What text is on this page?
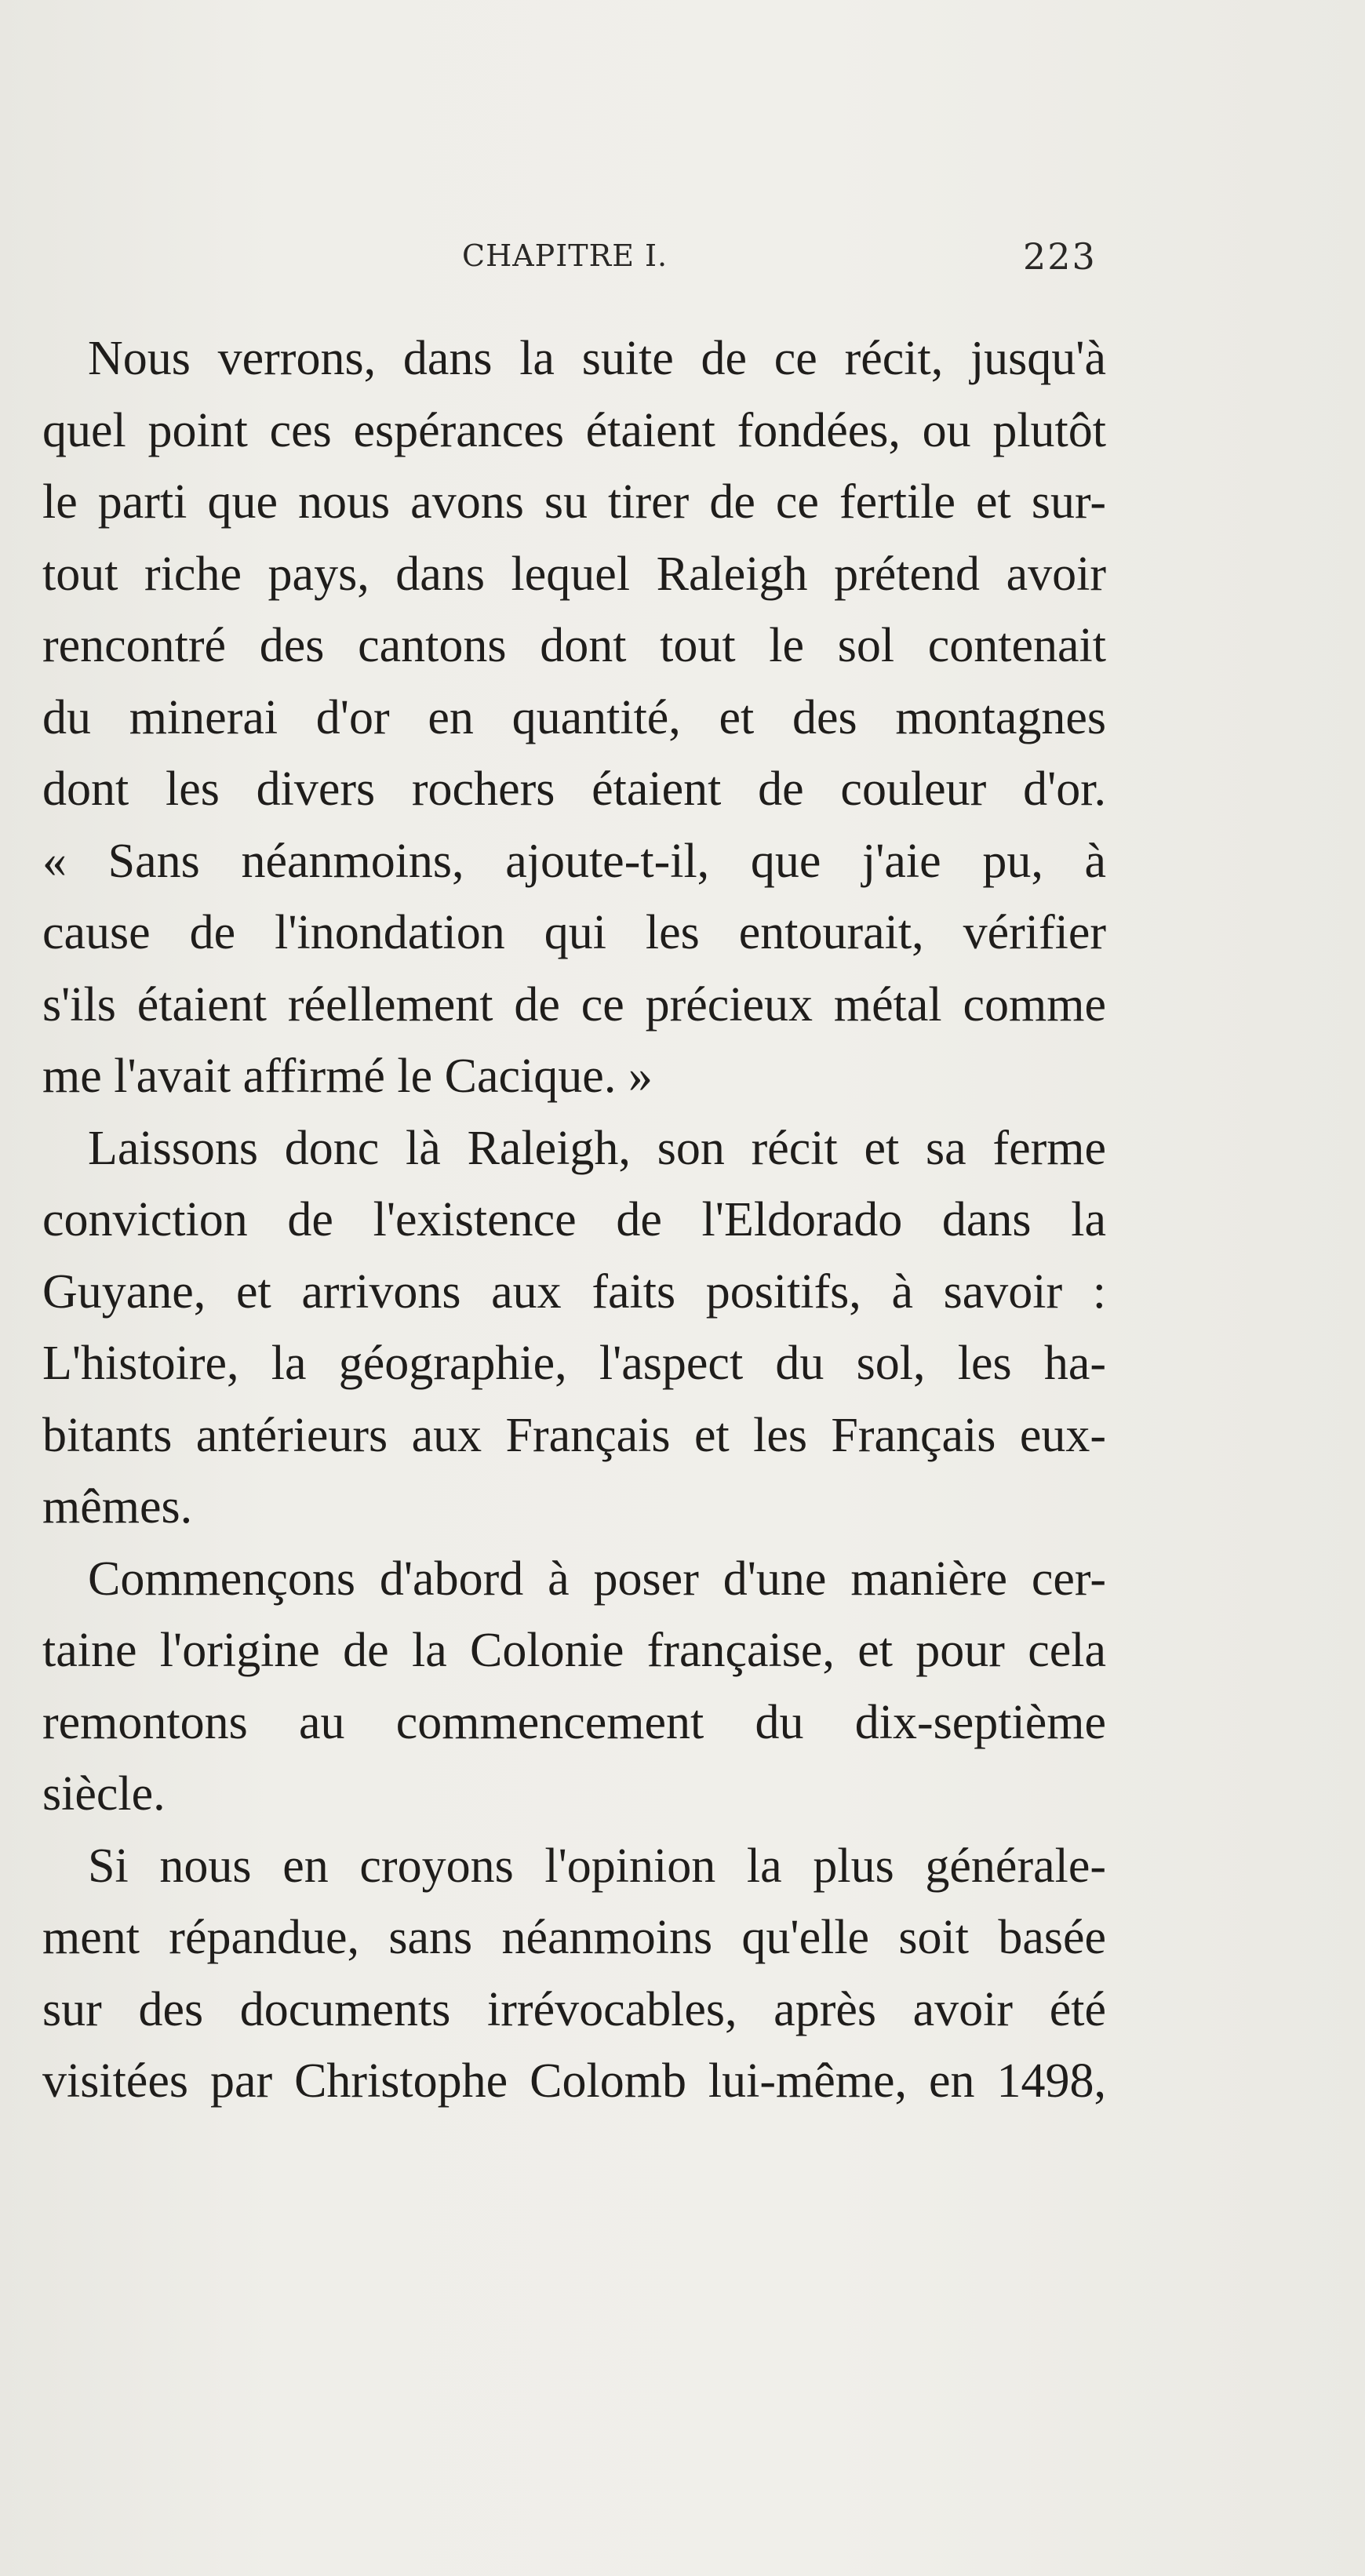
CHAPITRE I.	223
Nous verrons, dans la suite de ce récit, jusqu'à
quel point ces espérances étaient fondées, ou plutôt
le parti que nous avons su tirer de ce fertile et sur-
tout riche pays, dans lequel Raleigh prétend avoir
rencontré des cantons dont tout le sol contenait
du minerai d'or en quantité, et des montagnes
dont les divers rochers étaient de couleur d'or.
« Sans néanmoins, ajoute-t-il, que j'aie pu, à
cause de l'inondation qui les entourait, vérifier
s'ils étaient réellement de ce précieux métal comme
me l'avait affirmé le Cacique. »
Laissons donc là Raleigh, son récit et sa ferme
conviction de l'existence de l'Eldorado dans la
Guyane, et arrivons aux faits positifs, à savoir :
L'histoire, la géographie, l'aspect du sol, les ha-
bitants antérieurs aux Français et les Français eux-
mêmes.
Commençons d'abord à poser d'une manière cer-
taine l'origine de la Colonie française, et pour cela
remontons au commencement du dix-septième
siècle.
Si nous en croyons l'opinion la plus générale-
ment répandue, sans néanmoins qu'elle soit basée
sur des documents irrévocables, après avoir été
visitées par Christophe Colomb lui-même, en 1498,
